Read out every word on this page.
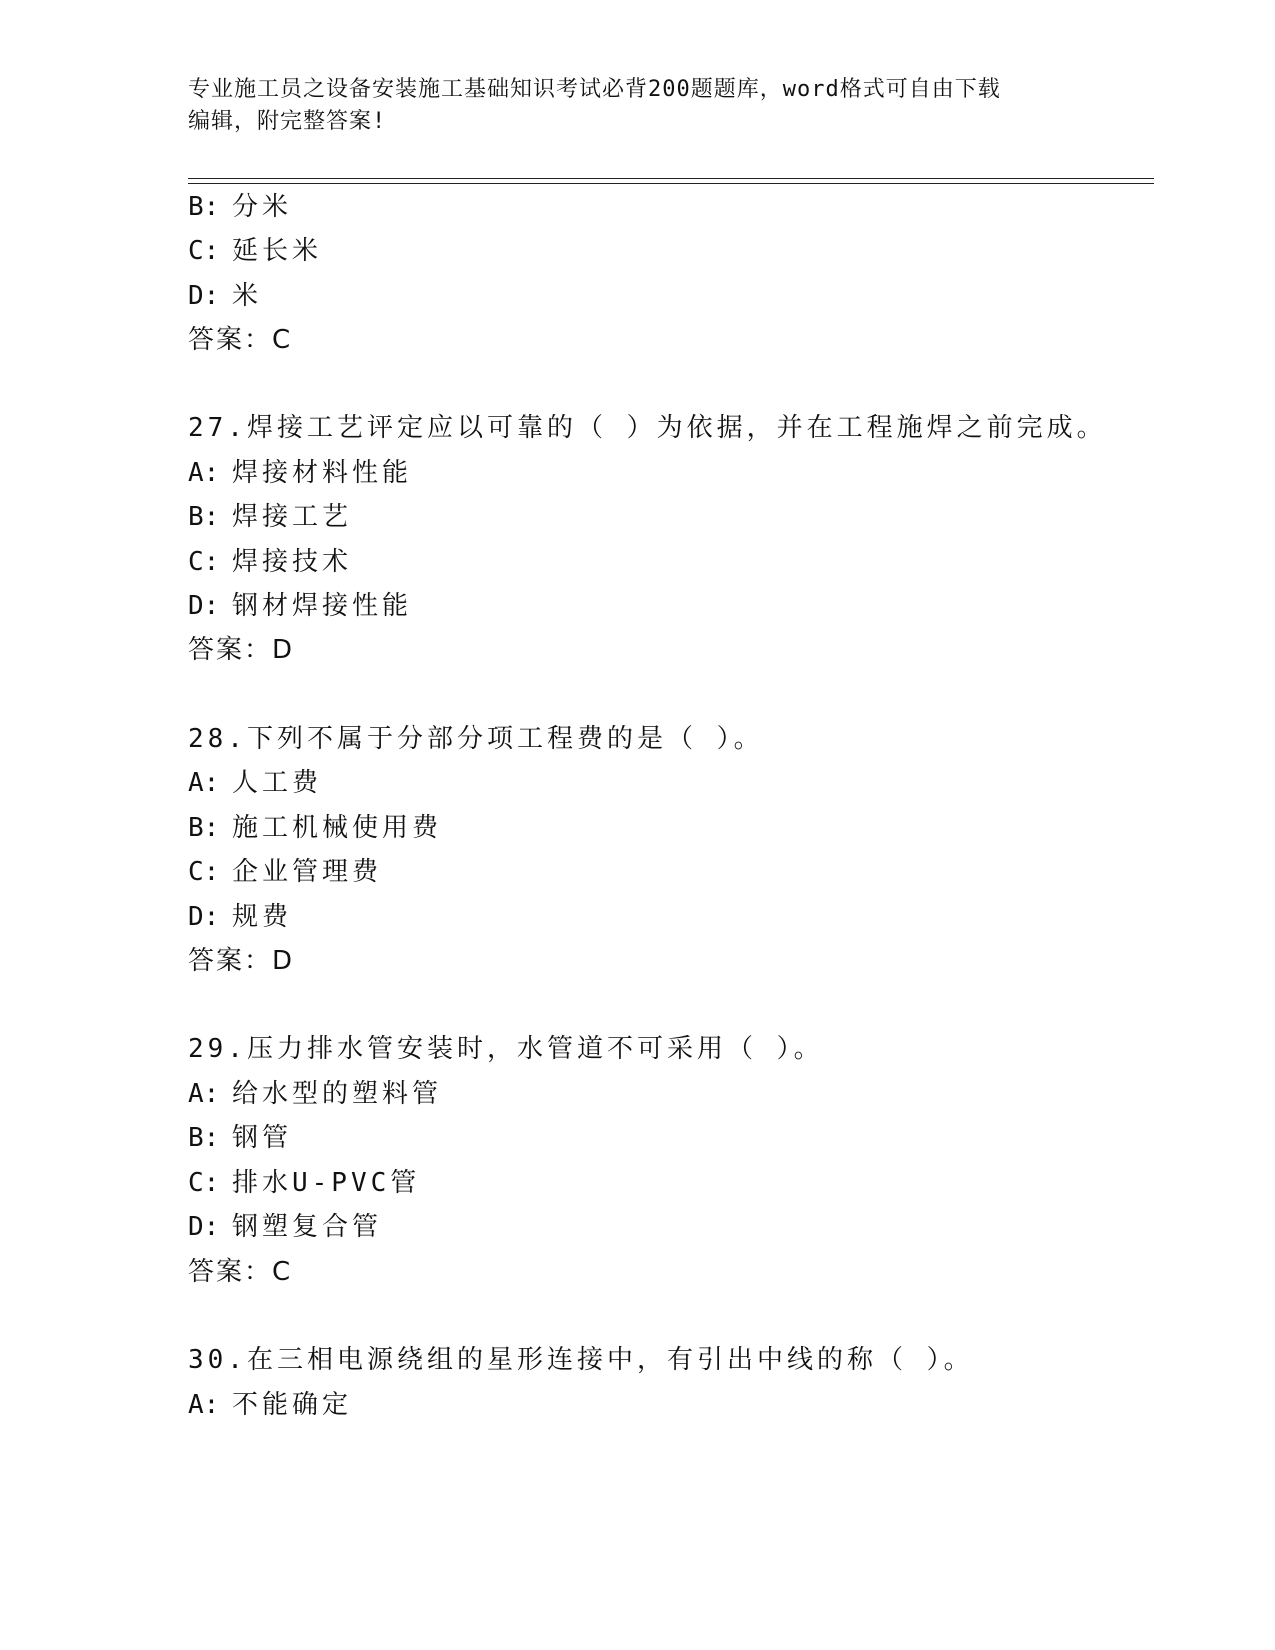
专业施工员之设备安装施工基础知识考试必背200题题库，word格式可自由下载
编辑，附完整答案!
B: 分米
C: 延长米
D: 米
答案：C
27.焊接工艺评定应以可靠的（ ）为依据，并在工程施焊之前完成。
A: 焊接材料性能
B: 焊接工艺
C: 焊接技术
D: 钢材焊接性能
答案：D
28.下列不属于分部分项工程费的是（ ）。
A: 人工费
B: 施工机械使用费
C: 企业管理费
D: 规费
答案：D
29.压力排水管安装时，水管道不可采用（ ）。
A: 给水型的塑料管
B: 钢管
C: 排水U-PVC管
D: 钢塑复合管
答案：C
30.在三相电源绕组的星形连接中，有引出中线的称（ ）。
A: 不能确定
